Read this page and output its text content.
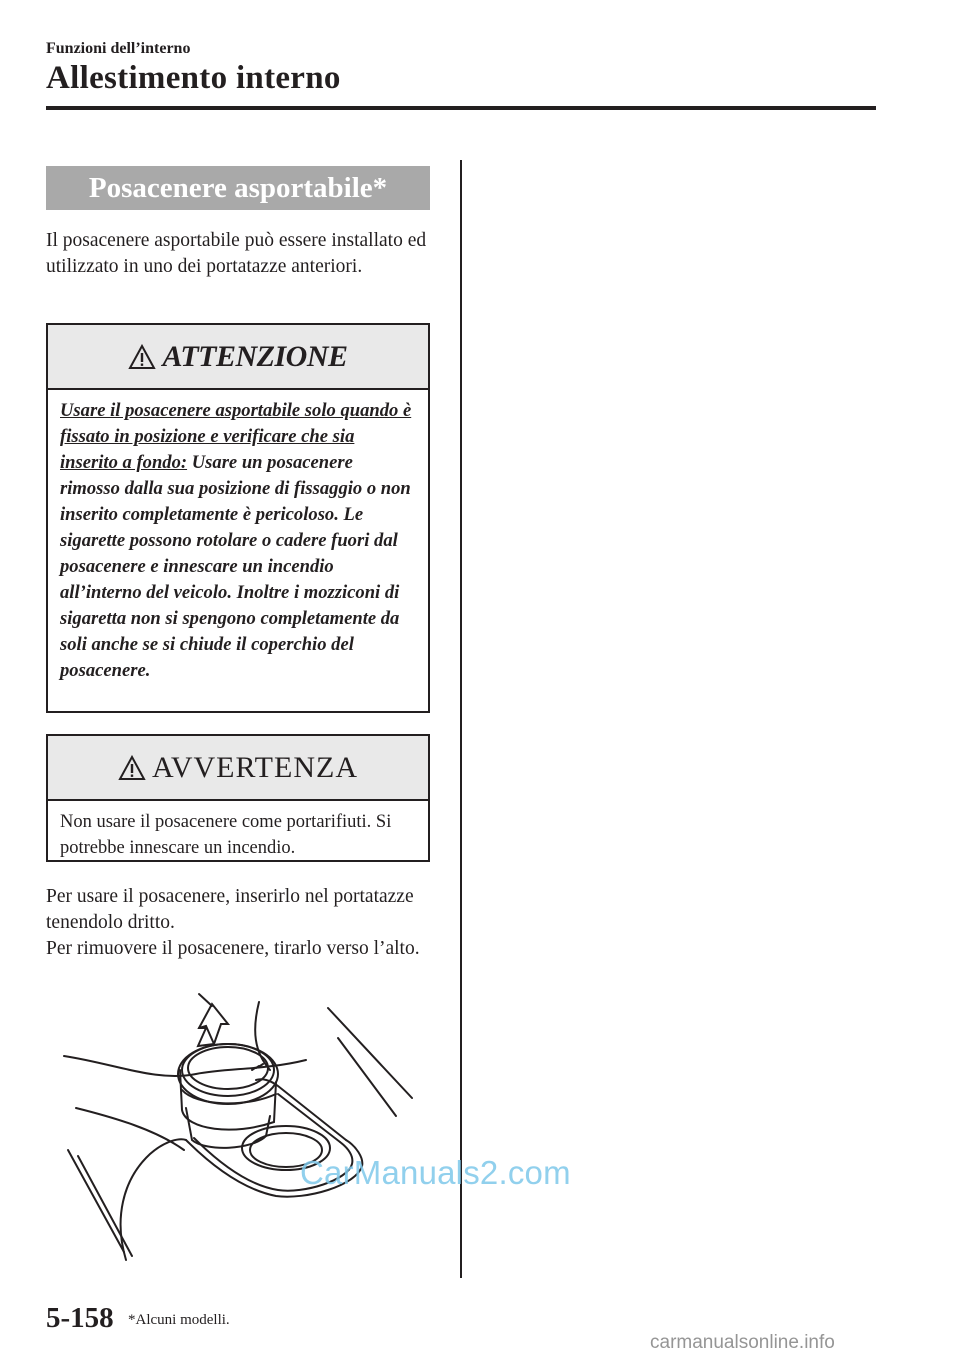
Funzioni dell’interno
Allestimento interno
Posacenere asportabile*
Il posacenere asportabile può essere installato ed utilizzato in uno dei portatazze anteriori.
ATTENZIONE
Usare il posacenere asportabile solo quando è fissato in posizione e verificare che sia inserito a fondo: Usare un posacenere rimosso dalla sua posizione di fissaggio o non inserito completamente è pericoloso. Le sigarette possono rotolare o cadere fuori dal posacenere e innescare un incendio all’interno del veicolo. Inoltre i mozziconi di sigaretta non si spengono completamente da soli anche se si chiude il coperchio del posacenere.
AVVERTENZA
Non usare il posacenere come portarifiuti. Si potrebbe innescare un incendio.
Per usare il posacenere, inserirlo nel portatazze tenendolo dritto.
Per rimuovere il posacenere, tirarlo verso l’alto.
5-158 *Alcuni modelli.
CarManuals2.com
carmanualsonline.info
